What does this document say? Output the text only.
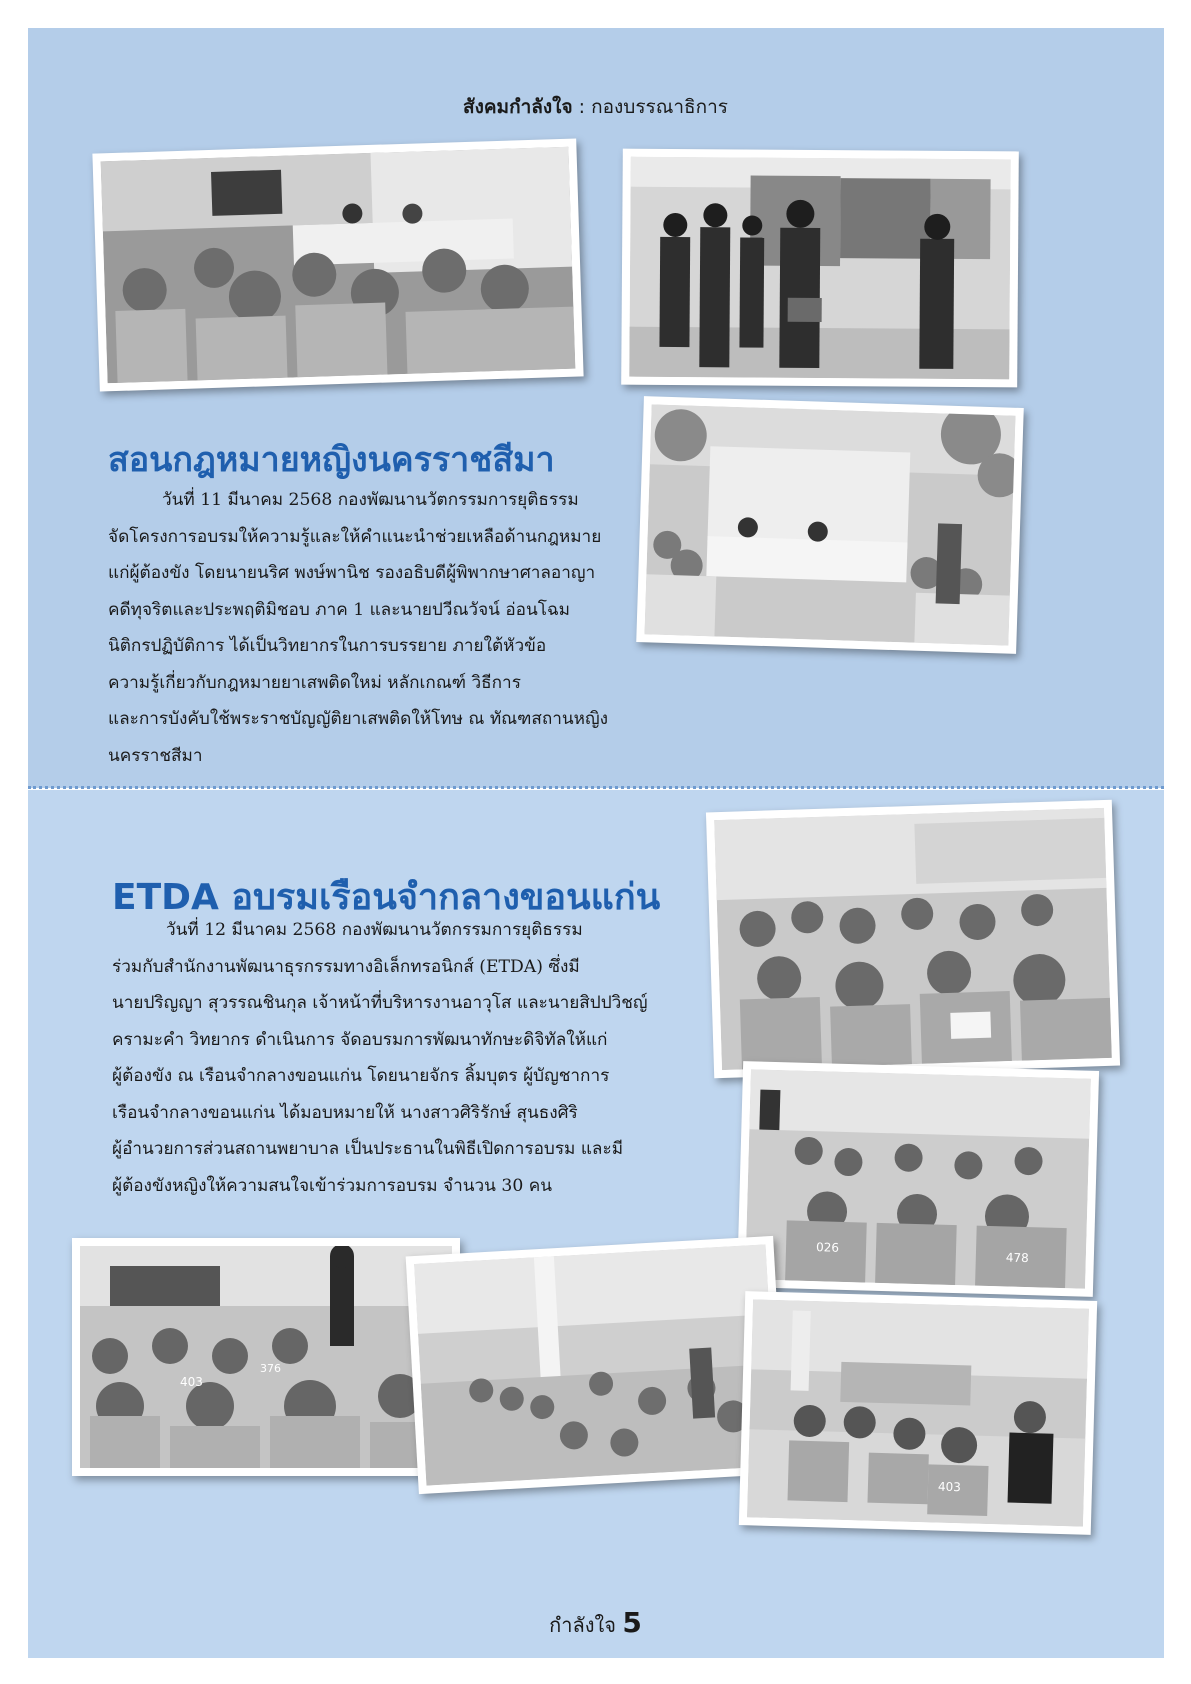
สังคมกำลังใจ : กองบรรณาธิการ
สอนกฎหมายหญิงนครราชสีมา
วันที่ 11 มีนาคม 2568 กองพัฒนานวัตกรรมการยุติธรรม
จัดโครงการอบรมให้ความรู้และให้คำแนะนำช่วยเหลือด้านกฎหมาย
แก่ผู้ต้องขัง โดยนายนริศ พงษ์พานิช รองอธิบดีผู้พิพากษาศาลอาญา
คดีทุจริตและประพฤติมิชอบ ภาค 1 และนายปวีณวัจน์ อ่อนโฉม
นิติกรปฏิบัติการ ได้เป็นวิทยากรในการบรรยาย ภายใต้หัวข้อ
ความรู้เกี่ยวกับกฎหมายยาเสพติดใหม่ หลักเกณฑ์ วิธีการ
และการบังคับใช้พระราชบัญญัติยาเสพติดให้โทษ ณ ทัณฑสถานหญิง
นครราชสีมา
ETDA อบรมเรือนจำกลางขอนแก่น
วันที่ 12 มีนาคม 2568 กองพัฒนานวัตกรรมการยุติธรรม
ร่วมกับสำนักงานพัฒนาธุรกรรมทางอิเล็กทรอนิกส์ (ETDA) ซึ่งมี
นายปริญญา สุวรรณชินกุล เจ้าหน้าที่บริหารงานอาวุโส และนายสิปปวิชญ์
ครามะคำ วิทยากร ดำเนินการ จัดอบรมการพัฒนาทักษะดิจิทัลให้แก่
ผู้ต้องขัง ณ เรือนจำกลางขอนแก่น โดยนายจักร ลิ้มบุตร ผู้บัญชาการ
เรือนจำกลางขอนแก่น ได้มอบหมายให้ นางสาวศิริรักษ์ สุนธงศิริ
ผู้อำนวยการส่วนสถานพยาบาล เป็นประธานในพิธีเปิดการอบรม และมี
ผู้ต้องขังหญิงให้ความสนใจเข้าร่วมการอบรม จำนวน 30 คน
026
478
403
376
403
กำลังใจ 5
